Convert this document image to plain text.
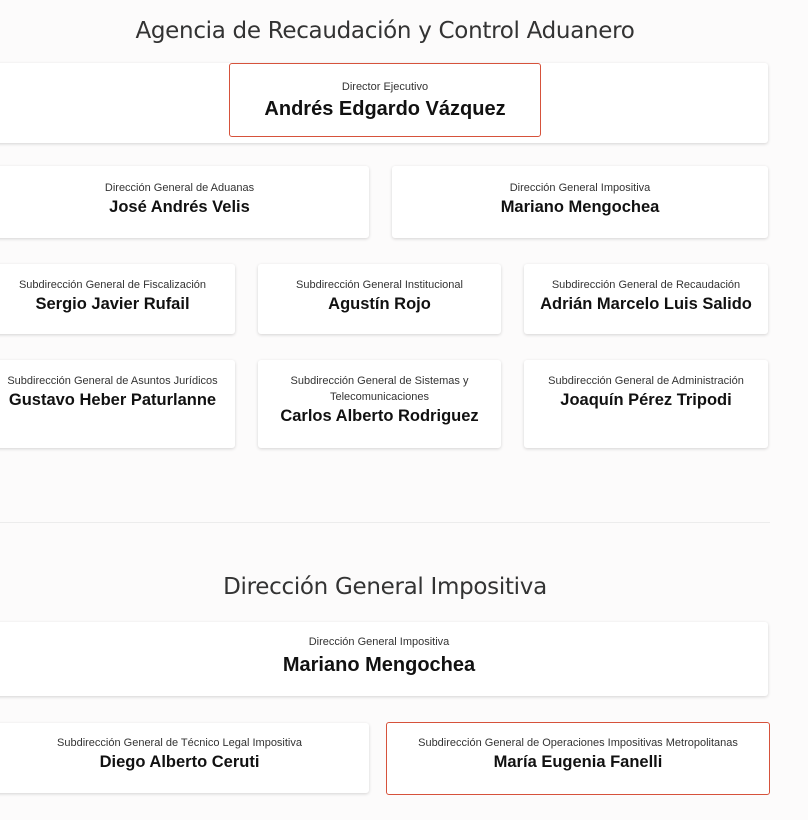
Agencia de Recaudación y Control Aduanero
Director Ejecutivo
Andrés Edgardo Vázquez
Dirección General de Aduanas
José Andrés Velis
Dirección General Impositiva
Mariano Mengochea
Subdirección General de Fiscalización
Sergio Javier Rufail
Subdirección General Institucional
Agustín Rojo
Subdirección General de Recaudación
Adrián Marcelo Luis Salido
Subdirección General de Asuntos Jurídicos
Gustavo Heber Paturlanne
Subdirección General de Sistemas y Telecomunicaciones
Carlos Alberto Rodriguez
Subdirección General de Administración
Joaquín Pérez Tripodi
Dirección General Impositiva
Dirección General Impositiva
Mariano Mengochea
Subdirección General de Técnico Legal Impositiva
Diego Alberto Ceruti
Subdirección General de Operaciones Impositivas Metropolitanas
María Eugenia Fanelli
